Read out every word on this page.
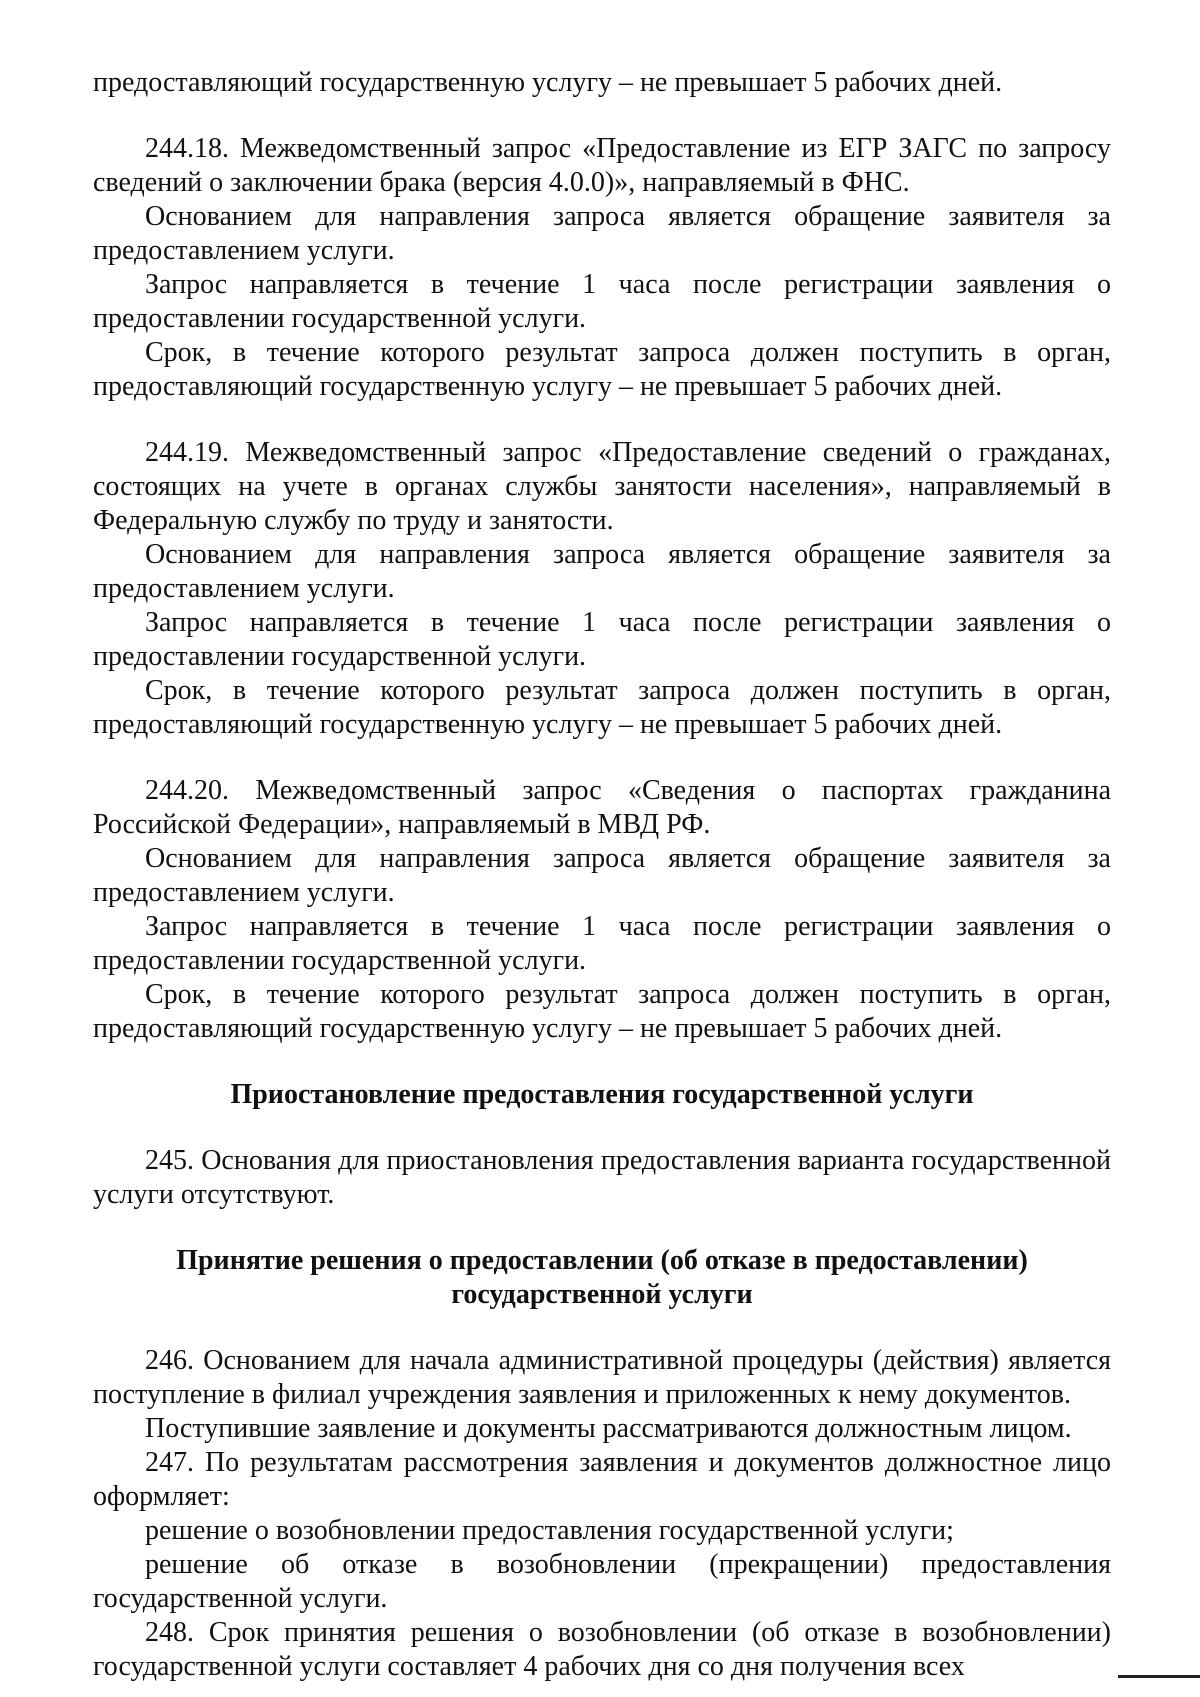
предоставляющий государственную услугу – не превышает 5 рабочих дней.

244.18. Межведомственный запрос «Предоставление из ЕГР ЗАГС по запросу сведений о заключении брака (версия 4.0.0)», направляемый в ФНС.

Основанием для направления запроса является обращение заявителя за предоставлением услуги.

Запрос направляется в течение 1 часа после регистрации заявления о предоставлении государственной услуги.

Срок, в течение которого результат запроса должен поступить в орган, предоставляющий государственную услугу – не превышает 5 рабочих дней.

244.19. Межведомственный запрос «Предоставление сведений о гражданах, состоящих на учете в органах службы занятости населения», направляемый в Федеральную службу по труду и занятости.

Основанием для направления запроса является обращение заявителя за предоставлением услуги.

Запрос направляется в течение 1 часа после регистрации заявления о предоставлении государственной услуги.

Срок, в течение которого результат запроса должен поступить в орган, предоставляющий государственную услугу – не превышает 5 рабочих дней.

244.20. Межведомственный запрос «Сведения о паспортах гражданина Российской Федерации», направляемый в МВД РФ.

Основанием для направления запроса является обращение заявителя за предоставлением услуги.

Запрос направляется в течение 1 часа после регистрации заявления о предоставлении государственной услуги.

Срок, в течение которого результат запроса должен поступить в орган, предоставляющий государственную услугу – не превышает 5 рабочих дней.

Приостановление предоставления государственной услуги

245. Основания для приостановления предоставления варианта государственной услуги отсутствуют.

Принятие решения о предоставлении (об отказе в предоставлении)

государственной услуги

246. Основанием для начала административной процедуры (действия) является поступление в филиал учреждения заявления и приложенных к нему документов.

Поступившие заявление и документы рассматриваются должностным лицом.

247. По результатам рассмотрения заявления и документов должностное лицо оформляет:

решение о возобновлении предоставления государственной услуги;

решение об отказе в возобновлении (прекращении) предоставления государственной услуги.

248. Срок принятия решения о возобновлении (об отказе в возобновлении) государственной услуги составляет 4 рабочих дня со дня получения всех
